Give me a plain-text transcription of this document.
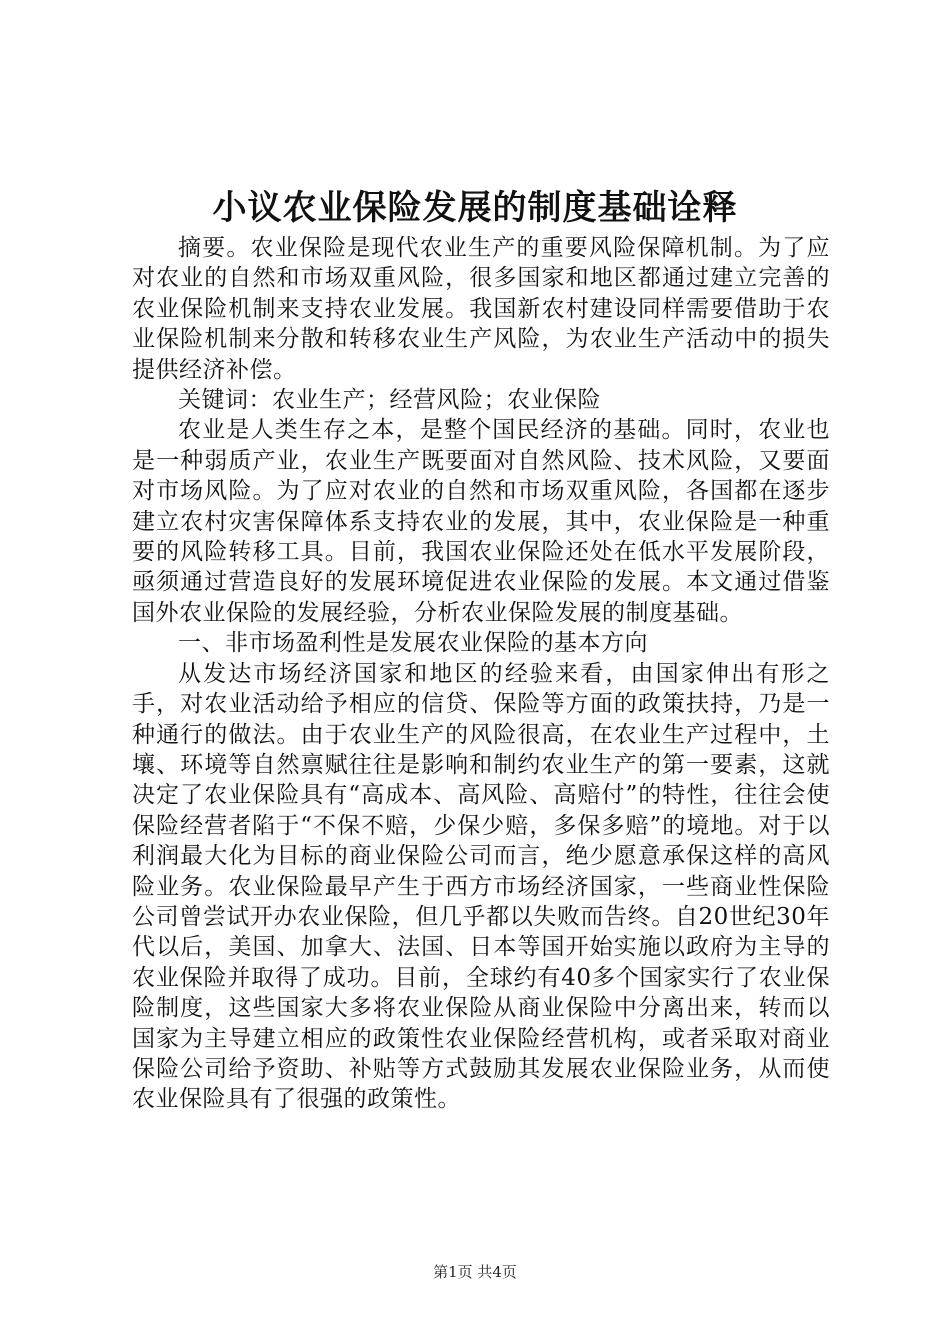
小议农业保险发展的制度基础诠释

摘要。农业保险是现代农业生产的重要风险保障机制。为了应对农业的自然和市场双重风险，很多国家和地区都通过建立完善的农业保险机制来支持农业发展。我国新农村建设同样需要借助于农业保险机制来分散和转移农业生产风险，为农业生产活动中的损失提供经济补偿。

关键词：农业生产；经营风险；农业保险

农业是人类生存之本，是整个国民经济的基础。同时，农业也是一种弱质产业，农业生产既要面对自然风险、技术风险，又要面对市场风险。为了应对农业的自然和市场双重风险，各国都在逐步建立农村灾害保障体系支持农业的发展，其中，农业保险是一种重要的风险转移工具。目前，我国农业保险还处在低水平发展阶段，亟须通过营造良好的发展环境促进农业保险的发展。本文通过借鉴国外农业保险的发展经验，分析农业保险发展的制度基础。

一、非市场盈利性是发展农业保险的基本方向

从发达市场经济国家和地区的经验来看，由国家伸出有形之手，对农业活动给予相应的信贷、保险等方面的政策扶持，乃是一种通行的做法。由于农业生产的风险很高，在农业生产过程中，土壤、环境等自然禀赋往往是影响和制约农业生产的第一要素，这就决定了农业保险具有“高成本、高风险、高赔付”的特性，往往会使保险经营者陷于“不保不赔，少保少赔，多保多赔”的境地。对于以利润最大化为目标的商业保险公司而言，绝少愿意承保这样的高风险业务。农业保险最早产生于西方市场经济国家，一些商业性保险公司曾尝试开办农业保险，但几乎都以失败而告终。自20世纪30年代以后，美国、加拿大、法国、日本等国开始实施以政府为主导的农业保险并取得了成功。目前，全球约有40多个国家实行了农业保险制度，这些国家大多将农业保险从商业保险中分离出来，转而以国家为主导建立相应的政策性农业保险经营机构，或者采取对商业保险公司给予资助、补贴等方式鼓励其发展农业保险业务，从而使农业保险具有了很强的政策性。

第1页 共4页
